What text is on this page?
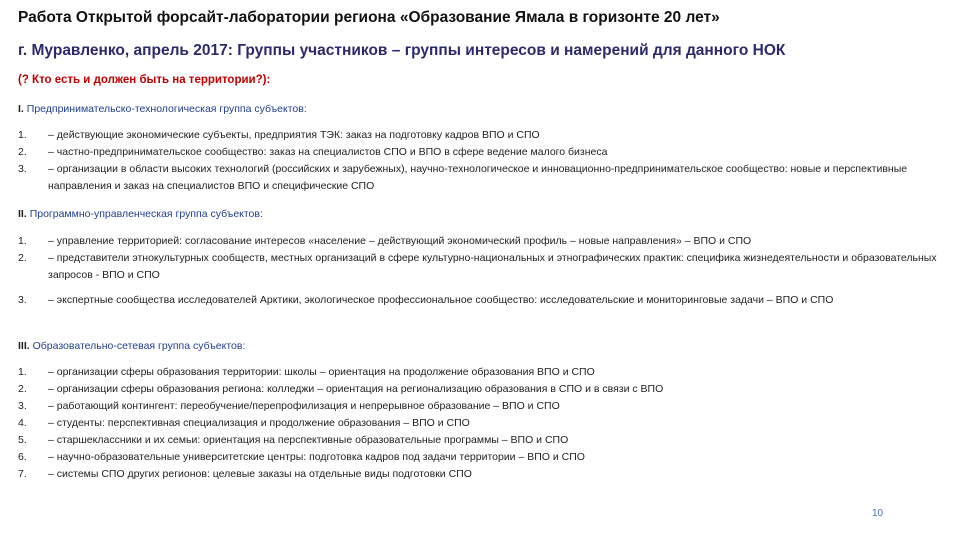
Работа Открытой форсайт-лаборатории региона «Образование Ямала в горизонте 20 лет»
г. Муравленко, апрель 2017: Группы участников – группы интересов и намерений для данного НОК
(? Кто есть и должен быть на территории?):
I. Предпринимательско-технологическая группа субъектов:
1. – действующие экономические субъекты, предприятия ТЭК: заказ на подготовку кадров ВПО и СПО
2. – частно-предпринимательское сообщество: заказ на специалистов СПО и ВПО в сфере ведение малого бизнеса
3. – организации в области высоких технологий (российских и зарубежных), научно-технологическое и инновационно-предпринимательское сообщество: новые и перспективные направления и заказ на специалистов ВПО и специфические СПО
II. Программно-управленческая группа субъектов:
1. – управление территорией: согласование интересов «население – действующий экономический профиль – новые направления» – ВПО и СПО
2. – представители этнокультурных сообществ, местных организаций в сфере культурно-национальных и этнографических практик: специфика жизнедеятельности и образовательных запросов - ВПО и СПО
3. – экспертные сообщества исследователей Арктики, экологическое профессиональное сообщество: исследовательские и мониторинговые задачи – ВПО и СПО
III. Образовательно-сетевая группа субъектов:
1. – организации сферы образования территории: школы – ориентация на продолжение образования ВПО и СПО
2. – организации сферы образования региона: колледжи – ориентация на регионализацию образования в СПО и в связи с ВПО
3. – работающий контингент: переобучение/перепрофилизация и непрерывное образование – ВПО и СПО
4. – студенты: перспективная специализация и продолжение образования – ВПО и СПО
5. – старшеклассники и их семьи: ориентация на перспективные образовательные программы – ВПО и СПО
6. – научно-образовательные университетские центры: подготовка кадров под задачи территории – ВПО и СПО
7. – системы СПО других регионов: целевые заказы на отдельные виды подготовки СПО
10
